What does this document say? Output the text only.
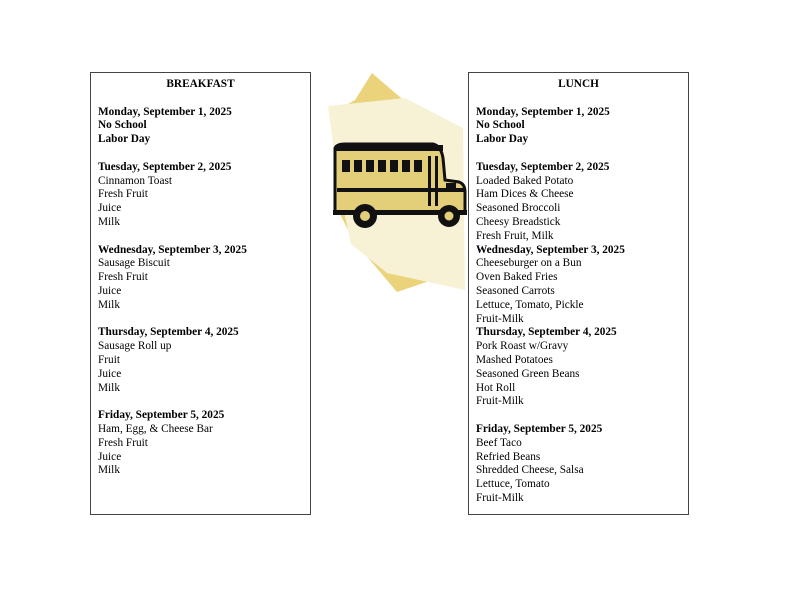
BREAKFAST
Monday, September 1, 2025
No School
Labor Day
Tuesday, September 2, 2025
Cinnamon Toast
Fresh Fruit
Juice
Milk
Wednesday, September 3, 2025
Sausage Biscuit
Fresh Fruit
Juice
Milk
Thursday, September 4, 2025
Sausage Roll up
Fruit
Juice
Milk
Friday, September 5, 2025
Ham, Egg, & Cheese Bar
Fresh Fruit
Juice
Milk
LUNCH
Monday, September 1, 2025
No School
Labor Day
Tuesday, September 2, 2025
Loaded Baked Potato
Ham Dices & Cheese
Seasoned Broccoli
Cheesy Breadstick
Fresh Fruit, Milk
Wednesday, September 3, 2025
Cheeseburger on a Bun
Oven Baked Fries
Seasoned Carrots
Lettuce, Tomato, Pickle
Fruit-Milk
Thursday, September 4, 2025
Pork Roast w/Gravy
Mashed Potatoes
Seasoned Green Beans
Hot Roll
Fruit-Milk
Friday, September 5, 2025
Beef Taco
Refried Beans
Shredded Cheese, Salsa
Lettuce, Tomato
Fruit-Milk
